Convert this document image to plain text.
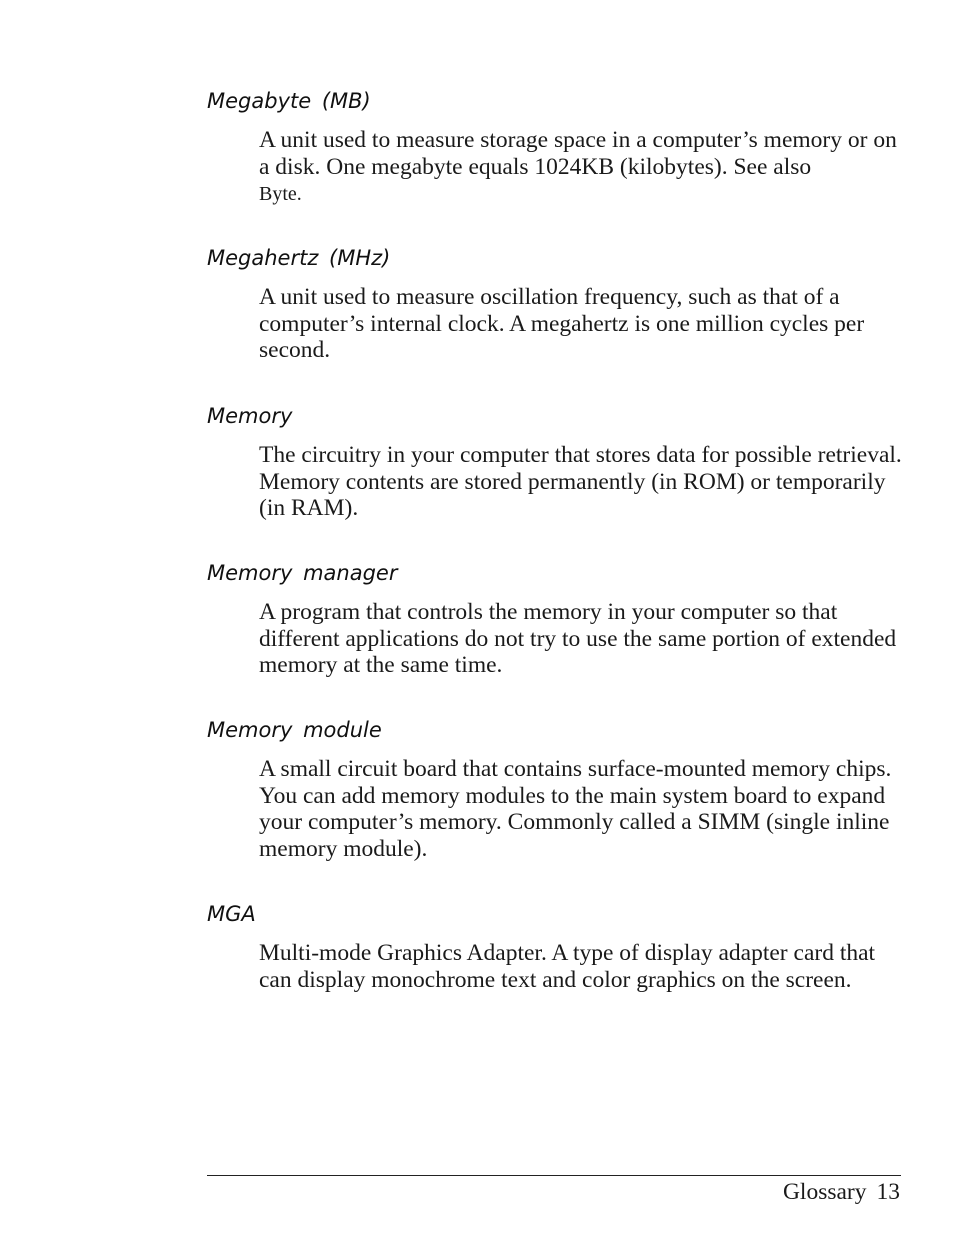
Megabyte (MB)

A unit used to measure storage space in a computer’s memory or on a disk. One megabyte equals 1024KB (kilobytes). See also
Byte.

Megahertz (MHz)

A unit used to measure oscillation frequency, such as that of a computer’s internal clock. A megahertz is one million cycles per second.

Memory

The circuitry in your computer that stores data for possible retrieval. Memory contents are stored permanently (in ROM) or temporarily (in RAM).

Memory manager

A program that controls the memory in your computer so that different applications do not try to use the same portion of extended memory at the same time.

Memory module

A small circuit board that contains surface-mounted memory chips. You can add memory modules to the main system board to expand your computer’s memory. Commonly called a SIMM (single inline memory module).

MGA

Multi-mode Graphics Adapter. A type of display adapter card that can display monochrome text and color graphics on the screen.

Glossary 13
